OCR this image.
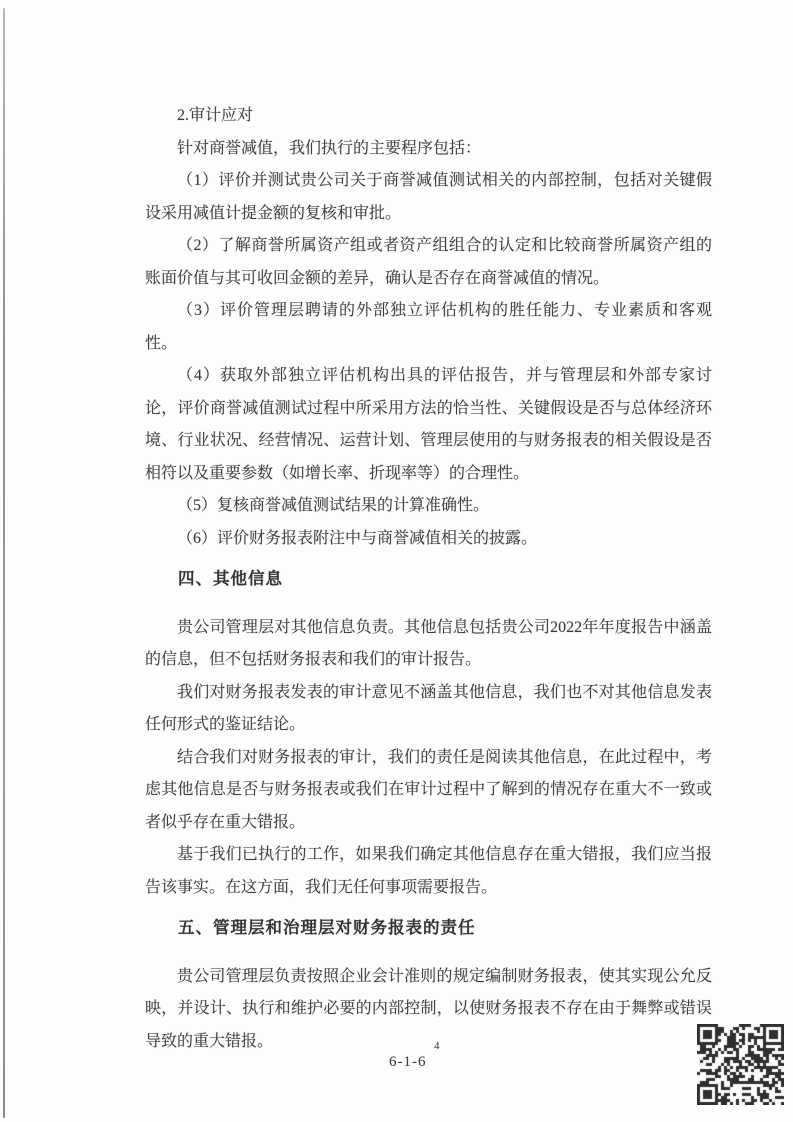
2.审计应对

针对商誉减值，我们执行的主要程序包括：

（1）评价并测试贵公司关于商誉减值测试相关的内部控制，包括对关键假设采用减值计提金额的复核和审批。

（2）了解商誉所属资产组或者资产组组合的认定和比较商誉所属资产组的账面价值与其可收回金额的差异，确认是否存在商誉减值的情况。

（3）评价管理层聘请的外部独立评估机构的胜任能力、专业素质和客观性。

（4）获取外部独立评估机构出具的评估报告，并与管理层和外部专家讨论，评价商誉减值测试过程中所采用方法的恰当性、关键假设是否与总体经济环境、行业状况、经营情况、运营计划、管理层使用的与财务报表的相关假设是否相符以及重要参数（如增长率、折现率等）的合理性。

（5）复核商誉减值测试结果的计算准确性。

（6）评价财务报表附注中与商誉减值相关的披露。

四、其他信息

贵公司管理层对其他信息负责。其他信息包括贵公司2022年年度报告中涵盖的信息，但不包括财务报表和我们的审计报告。

我们对财务报表发表的审计意见不涵盖其他信息，我们也不对其他信息发表任何形式的鉴证结论。

结合我们对财务报表的审计，我们的责任是阅读其他信息，在此过程中，考虑其他信息是否与财务报表或我们在审计过程中了解到的情况存在重大不一致或者似乎存在重大错报。

基于我们已执行的工作，如果我们确定其他信息存在重大错报，我们应当报告该事实。在这方面，我们无任何事项需要报告。

五、管理层和治理层对财务报表的责任

贵公司管理层负责按照企业会计准则的规定编制财务报表，使其实现公允反映，并设计、执行和维护必要的内部控制，以使财务报表不存在由于舞弊或错误导致的重大错报。	4
6-1-6
